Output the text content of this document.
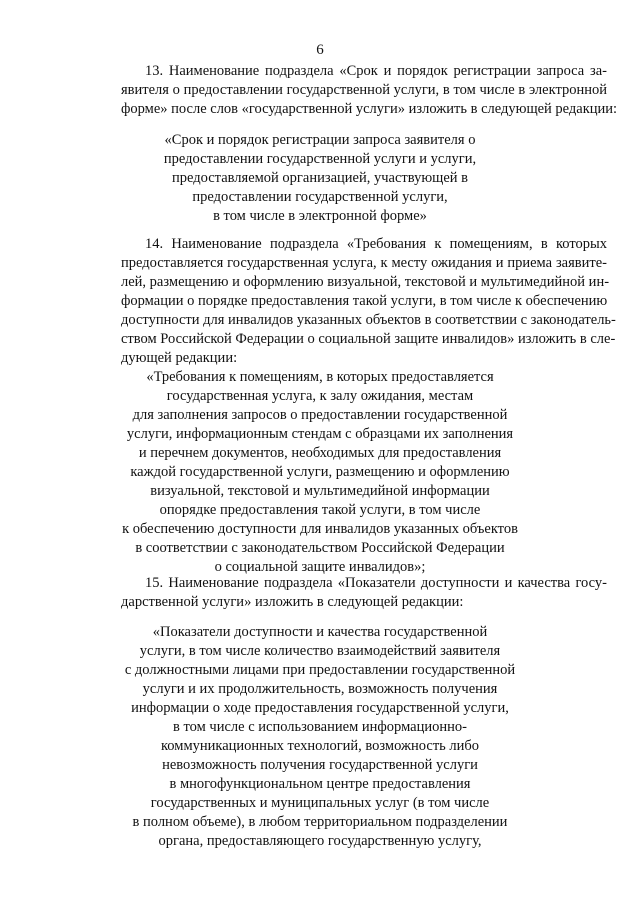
6
13. Наименование подраздела «Срок и порядок регистрации запроса за-
явителя о предоставлении государственной услуги, в том числе в электронной
форме» после слов «государственной услуги» изложить в следующей редакции:
«Срок и порядок регистрации запроса заявителя о
предоставлении государственной услуги и услуги,
предоставляемой организацией, участвующей в
предоставлении государственной услуги,
в том числе в электронной форме»
14. Наименование подраздела «Требования к помещениям, в которых
предоставляется государственная услуга, к месту ожидания и приема заявите-
лей, размещению и оформлению визуальной, текстовой и мультимедийной ин-
формации о порядке предоставления такой услуги, в том числе к обеспечению
доступности для инвалидов указанных объектов в соответствии с законодатель-
ством Российской Федерации о социальной защите инвалидов» изложить в сле-
дующей редакции:
«Требования к помещениям, в которых предоставляется
государственная услуга, к залу ожидания, местам
для заполнения запросов о предоставлении государственной
услуги, информационным стендам с образцами их заполнения
и перечнем документов, необходимых для предоставления
каждой государственной услуги, размещению и оформлению
визуальной, текстовой и мультимедийной информации
опорядке предоставления такой услуги, в том числе
к обеспечению доступности для инвалидов указанных объектов
в соответствии с законодательством Российской Федерации
о социальной защите инвалидов»;
15. Наименование подраздела «Показатели доступности и качества госу-
дарственной услуги» изложить в следующей редакции:
«Показатели доступности и качества государственной
услуги, в том числе количество взаимодействий заявителя
с должностными лицами при предоставлении государственной
услуги и их продолжительность, возможность получения
информации о ходе предоставления государственной услуги,
в том числе с использованием информационно-
коммуникационных технологий, возможность либо
невозможность получения государственной услуги
в многофункциональном центре предоставления
государственных и муниципальных услуг (в том числе
в полном объеме), в любом территориальном подразделении
органа, предоставляющего государственную услугу,
